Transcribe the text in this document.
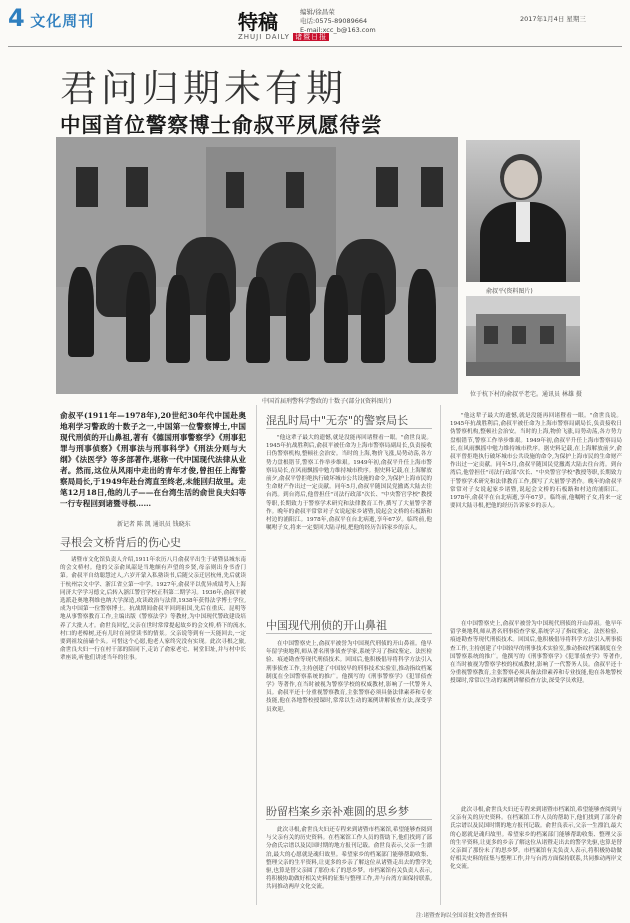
4 文化周刊	特稿
ZHUJI DAILY 诸暨日报
编辑/徐昌荣
电话:0575-89089664
E-mail:xcc_b@163.com
2017年1月4日 星期三
君问归期未有期
中国首位警察博士俞叔平夙愿待尝
中国首届刑警科学警政的十数子(部分)(资料图片)
俞叔平(资料图片)
位于杭下村的俞叔平老宅。通讯员 林雄 摄
俞叔平(1911年—1978年),20世纪30年代中国赴奥地利学习警政的十数子之一,中国第一位警察博士,中国现代刑侦的开山鼻祖,著有《德国刑事警察学》《刑事犯罪与刑事侦察》《刑事法与刑事科学》《刑法分则与大纲》《法医学》等多部著作,堪称一代中国现代法律从业者。然而,这位从风雨中走出的青年才俊,曾担任上海警察局局长,于1949年赴台湾直至终老,未能回归故里。走笔12月18日,他的儿子——在台湾生活的俞世良夫妇等一行专程回到诸暨寻根……
新记者 陈 凯 通讯员 钱晓东
寻根会文桥背后的伤心史

诸暨市文化馆负责人介绍,1911年农历八月俞叔平出生于诸暨县城东南的会文桥村。他的父亲俞凤韶是当地颇有声望的乡贤,母亲则出身书香门第。俞叔平自幼聪慧过人,六岁开蒙入私塾读书,后随父亲迁居杭州,先后就读于杭州宗文中学、浙江省立第一中学。1927年,俞叔平以优异成绩考入上海同济大学学习德文,后转入浙江警官学校正科第二期学习。1936年,俞叔平被选派赴奥地利维也纳大学深造,攻读政治与法律,1938年获得法学博士学位,成为中国第一位警察博士。抗战期间俞叔平回到祖国,先后在重庆、昆明等地从事警察教育工作,主编出版《警察法学》等教材,为中国现代警政建设培养了大批人才。俞世良回忆,父亲在世时常常提起故乡的会文桥,桥下的流水,村口的老樟树,还有儿时在祠堂读书的情景。父亲说等到有一天能回去,一定要到祖坟前磕个头。可惜这个心愿,他老人家终究没有实现。此次寻根之旅,俞世良夫妇一行在村干部的陪同下,走访了俞家老宅、祠堂旧址,并与村中长辈座谈,听他们讲述当年的往事。

混乱时局中"无奈"的警察局长

"他这辈子最大的遗憾,就是没能再回诸暨看一眼。"俞世良说。1945年抗战胜利后,俞叔平被任命为上海市警察局副局长,负责接收日伪警察机构,整顿社会治安。当时的上海,物价飞涨,局势动荡,各方势力盘根错节,警察工作举步维艰。1949年初,俞叔平升任上海市警察局局长,在风雨飘摇中勉力维持城市秩序。据史料记载,在上海解放前夕,俞叔平曾拒绝执行破坏城市公共设施的命令,为保护上海市民的生命财产作出过一定贡献。同年5月,俞叔平随国民党撤离大陆去往台湾。到台湾后,他曾担任"司法行政部"次长、"中央警官学校"教授等职,长期致力于警察学术研究和法律教育工作,撰写了大量警学著作。晚年的俞叔平常常对子女说起家乡诸暨,说起会文桥的石板路和村边的浦阳江。1978年,俞叔平在台北病逝,享年67岁。临终前,他嘱咐子女,将来一定要回大陆寻根,把他的经历告诉家乡的亲人。

"他这辈子最大的遗憾,就是没能再回诸暨看一眼。"俞世良说。1945年抗战胜利后,俞叔平被任命为上海市警察局副局长,负责接收日伪警察机构,整顿社会治安。当时的上海,物价飞涨,局势动荡,各方势力盘根错节,警察工作举步维艰。1949年初,俞叔平升任上海市警察局局长,在风雨飘摇中勉力维持城市秩序。据史料记载,在上海解放前夕,俞叔平曾拒绝执行破坏城市公共设施的命令,为保护上海市民的生命财产作出过一定贡献。同年5月,俞叔平随国民党撤离大陆去往台湾。到台湾后,他曾担任"司法行政部"次长、"中央警官学校"教授等职,长期致力于警察学术研究和法律教育工作,撰写了大量警学著作。晚年的俞叔平常常对子女说起家乡诸暨,说起会文桥的石板路和村边的浦阳江。1978年,俞叔平在台北病逝,享年67岁。临终前,他嘱咐子女,将来一定要回大陆寻根,把他的经历告诉家乡的亲人。

中国现代刑侦的开山鼻祖

在中国警察史上,俞叔平被誉为中国现代刑侦的开山鼻祖。他早年留学奥地利,师从著名刑事侦查学家,系统学习了指纹鉴定、法医检验、痕迹勘查等现代刑侦技术。回国后,他积极倡导将科学方法引入刑事侦查工作,主持创建了中国较早的刑事技术实验室,推动指纹档案制度在全国警察系统的推广。他撰写的《刑事警察学》《犯罪侦查学》等著作,在当时被视为警察学校的权威教材,影响了一代警务人员。俞叔平还十分重视警察教育,主张警察必须具备法律素养和专业技能,他在各地警校授课时,常常以生动的案例讲解侦查方法,深受学员欢迎。

在中国警察史上,俞叔平被誉为中国现代刑侦的开山鼻祖。他早年留学奥地利,师从著名刑事侦查学家,系统学习了指纹鉴定、法医检验、痕迹勘查等现代刑侦技术。回国后,他积极倡导将科学方法引入刑事侦查工作,主持创建了中国较早的刑事技术实验室,推动指纹档案制度在全国警察系统的推广。他撰写的《刑事警察学》《犯罪侦查学》等著作,在当时被视为警察学校的权威教材,影响了一代警务人员。俞叔平还十分重视警察教育,主张警察必须具备法律素养和专业技能,他在各地警校授课时,常常以生动的案例讲解侦查方法,深受学员欢迎。

盼留档案乡亲补难圆的思乡梦

此次寻根,俞世良夫妇还专程来到诸暨市档案馆,希望能够查阅到与父亲有关的历史资料。在档案馆工作人员的帮助下,他们找到了部分俞氏宗谱以及民国时期的地方报刊记载。俞世良表示,父亲一生漂泊,最大的心愿就是魂归故里。希望家乡的档案部门能够帮助收集、整理父亲的生平资料,让更多的乡亲了解这位从诸暨走出去的警学先驱,也算是替父亲圆了那份未了的思乡梦。市档案馆有关负责人表示,将积极协助做好相关史料的征集与整理工作,并与台湾方面保持联系,共同推动两岸文化交流。

此次寻根,俞世良夫妇还专程来到诸暨市档案馆,希望能够查阅到与父亲有关的历史资料。在档案馆工作人员的帮助下,他们找到了部分俞氏宗谱以及民国时期的地方报刊记载。俞世良表示,父亲一生漂泊,最大的心愿就是魂归故里。希望家乡的档案部门能够帮助收集、整理父亲的生平资料,让更多的乡亲了解这位从诸暨走出去的警学先驱,也算是替父亲圆了那份未了的思乡梦。市档案馆有关负责人表示,将积极协助做好相关史料的征集与整理工作,并与台湾方面保持联系,共同推动两岸文化交流。

注:诸暨查询以全国首批文物普查资料
